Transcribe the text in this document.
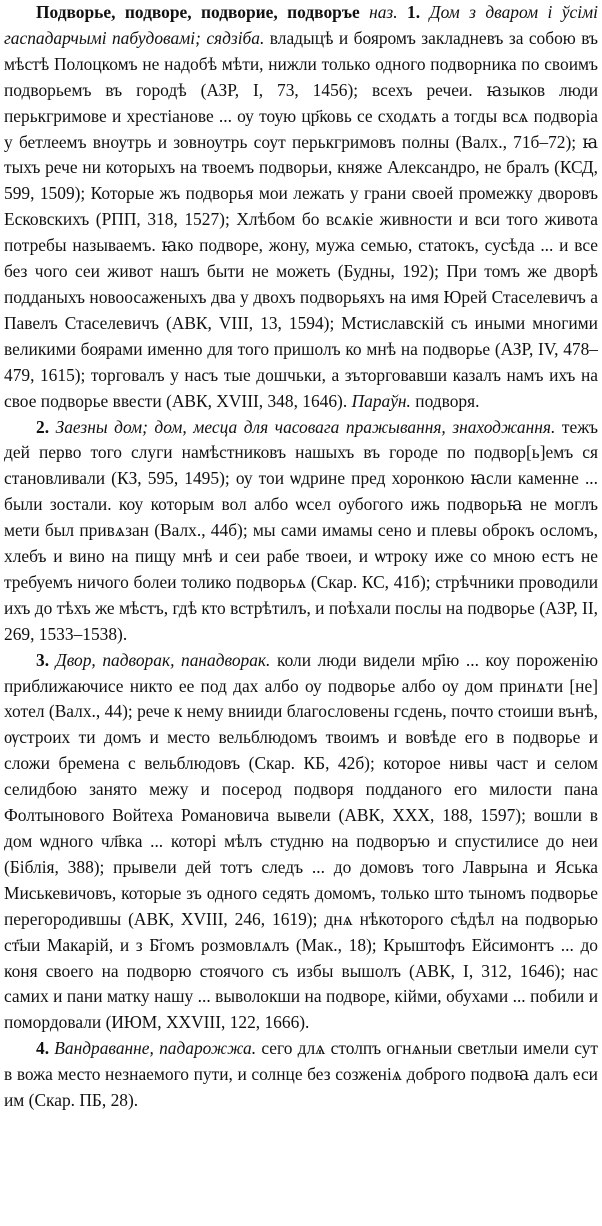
Подворье, подворе, подворие, подворъе наз. 1. Дом з дваром і ўсімі гаспадарчымі пабудовамі; сядзіба. владыцѣ и бояромъ закладневъ за собою въ мѣстѣ Полоцкомъ не надобѣ мѣти, нижли только одного подворника по своимъ подворьемъ въ городѣ (АЗР, I, 73, 1456); всехъ речеи. ꙗзыков люди перькгримове и хрестіанове ... оу тоую цр҃ковь се сходѧть а тогды всѧ подворіа у бетлеемъ вноутрь и зовноутрь соут перькгримовъ полны (Валх., 71б–72); ꙗ тыхъ рече ни которыхъ на твоемъ подворьи, княже Александро, не бралъ (КСД, 599, 1509); Которые жъ подворья мои лежать у грани своей промежку дворовъ Есковскихъ (РПП, 318, 1527); Хлѣбом бо всѧкіе живности и вси того живота потребы называемъ. ꙗко подворе, жону, мужа семью, статокъ, сусѣда ... и все без чого сеи живот нашъ быти не можеть (Будны, 192); При томъ же дворѣ подданыхъ новоосаженыхъ два у двохъ подворьяхъ на имя Юрей Стаселевичъ а Павелъ Стаселевичъ (АВК, VIII, 13, 1594); Мстиславскій съ иными многими великими боярами именно для того пришолъ ко мнѣ на подворье (АЗР, IV, 478–479, 1615); торговалъ у насъ тые дошчьки, а зъторговавши казалъ намъ ихъ на свое подворье ввести (АВК, XVIII, 348, 1646). Параўн. подворя.

2. Заезны дом; дом, месца для часовага пражывання, знаходжання. тежъ дей перво того слуги намѣстниковъ нашыхъ въ городе по подвор[ь]емъ ся становливали (КЗ, 595, 1495); оу тои ѡдрине пред хоронкою ꙗсли каменне ... были зостали. коу которым вол албо ѡсел оубогого ижь подворьꙗ не моглъ мети был привѧзан (Валх., 44б); мы сами имамы сено и плевы оброкъ осломъ, хлебъ и вино на пищу мнѣ и сеи рабе твоеи, и ѡтроку иже со мною естъ не требуемъ ничого болеи толико подворьѧ (Скар. КС, 41б); стрѣчники проводили ихъ до тѣхъ же мѣстъ, гдѣ кто встрѣтилъ, и поѣхали послы на подворье (АЗР, II, 269, 1533–1538).

3. Двор, падворак, панадворак. коли люди видели мр҃ію ... коу пороженію приближаючисе никто ее под дах албо оу подворье албо оу дом принѧти [не] хотел (Валх., 44); рече к нему внииди благословены гсдень, почто стоиши вънѣ, ѹстроих ти домъ и место вельблюдомъ твоимъ и вовѣде его в подворье и сложи бремена с вельблюдовъ (Скар. КБ, 42б); которое нивы част и селом селидбою занято межу и посерод подворя подданого его милости пана Фолтынового Войтеха Романовича вывели (АВК, XXX, 188, 1597); вошли в дом ѡдного чл҃вка ... которі мѣлъ студню на подворъю и спустилисе до неи (Біблія, 388); прывели дей тотъ следъ ... до домовъ того Лаврына и Яська Миськевичовъ, которые зъ одного седять домомъ, только што тыномъ подворье перегородившы (АВК, XVIII, 246, 1619); днѧ нѣкоторого сѣдѣл на подворью ст҃ыи Макарій, и з Б҃гомъ розмовлѧлъ (Мак., 18); Крыштофъ Ейсимонтъ ... до коня своего на подворю стоячого съ избы вышолъ (АВК, I, 312, 1646); нас самих и пани матку нашу ... выволокши на подворе, кійми, обухами ... побили и помордовали (ИЮМ, XXVIII, 122, 1666).

4. Вандраванне, падарожжа. сего длѧ столпъ огнѧныи светлыи имели сут в вожа место незнаемого пути, и солнце без созженіѧ доброго подвоꙗ далъ еси им (Скар. ПБ, 28).
